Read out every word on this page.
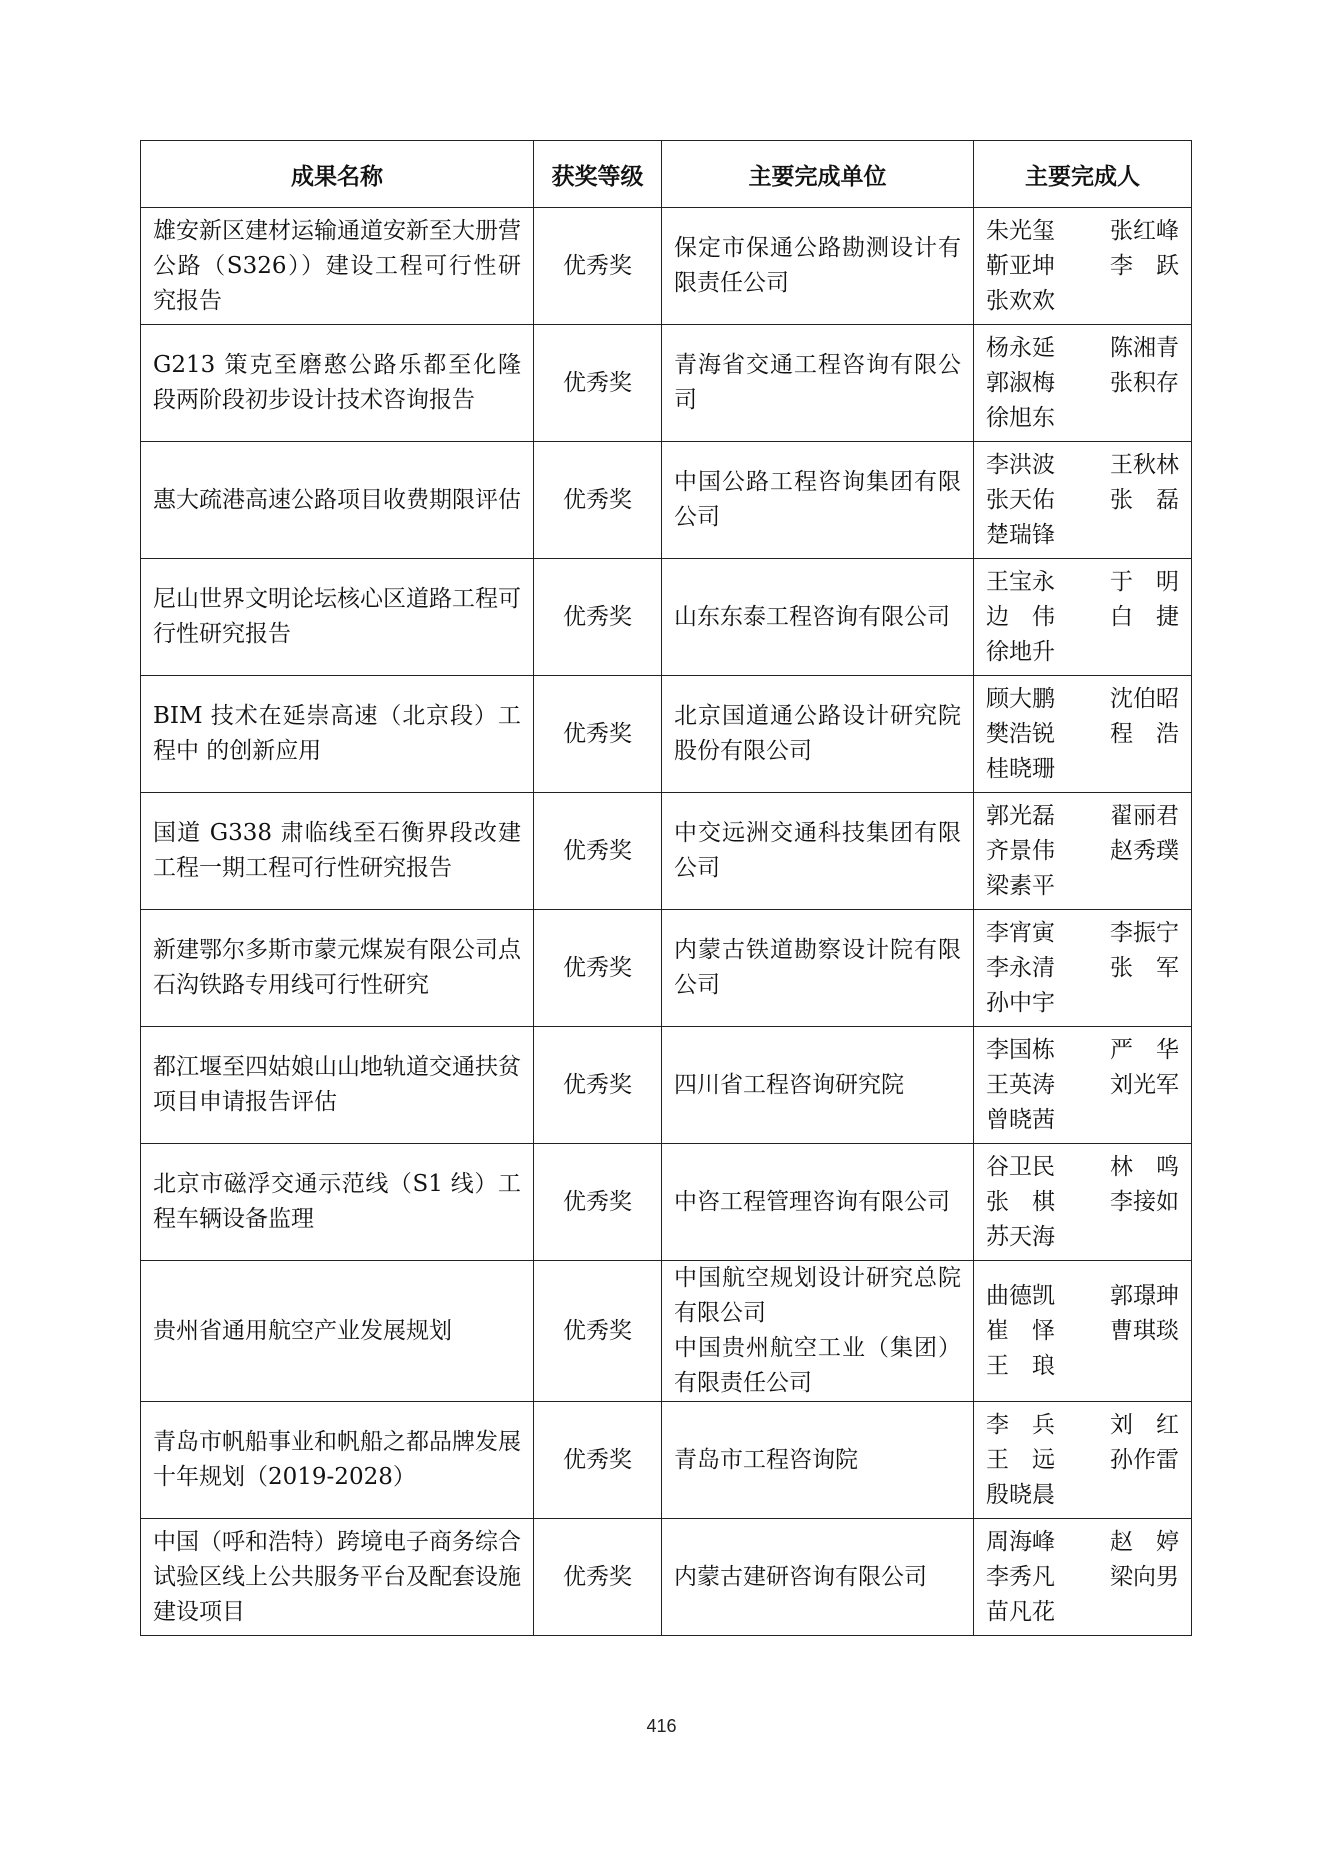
成果名称	获奖等级	主要完成单位	主要完成人
雄安新区建材运输通道安新至大册营公路（S326））建设工程可行性研究报告	优秀奖	保定市保通公路勘测设计有限责任公司	朱光玺 张红峰
靳亚坤 李　跃
张欢欢

G213 策克至磨憨公路乐都至化隆段两阶段初步设计技术咨询报告	优秀奖	青海省交通工程咨询有限公司	杨永延 陈湘青
郭淑梅 张积存
徐旭东

惠大疏港高速公路项目收费期限评估	优秀奖	中国公路工程咨询集团有限公司	李洪波 王秋林
张天佑 张　磊
楚瑞锋

尼山世界文明论坛核心区道路工程可行性研究报告	优秀奖	山东东泰工程咨询有限公司	王宝永 于　明
边　伟 白　捷
徐地升

BIM 技术在延崇高速（北京段）工程中 的创新应用	优秀奖	北京国道通公路设计研究院股份有限公司	顾大鹏 沈伯昭
樊浩锐 程　浩
桂晓珊

国道 G338 肃临线至石衡界段改建工程一期工程可行性研究报告	优秀奖	中交远洲交通科技集团有限公司	郭光磊 翟丽君
齐景伟 赵秀璞
梁素平

新建鄂尔多斯市蒙元煤炭有限公司点石沟铁路专用线可行性研究	优秀奖	内蒙古铁道勘察设计院有限公司	李宵寅 李振宁
李永清 张　军
孙中宇

都江堰至四姑娘山山地轨道交通扶贫项目申请报告评估	优秀奖	四川省工程咨询研究院	李国栋 严　华
王英涛 刘光军
曾晓茜

北京市磁浮交通示范线（S1 线）工程车辆设备监理	优秀奖	中咨工程管理咨询有限公司	谷卫民 林　鸣
张　棋 李接如
苏天海

贵州省通用航空产业发展规划	优秀奖	中国航空规划设计研究总院有限公司
中国贵州航空工业（集团）有限责任公司	曲德凯 郭璟珅
崔　怿 曹琪琰
王　琅

青岛市帆船事业和帆船之都品牌发展十年规划（2019-2028）	优秀奖	青岛市工程咨询院	李　兵 刘　红
王　远 孙作雷
殷晓晨

中国（呼和浩特）跨境电子商务综合试验区线上公共服务平台及配套设施建设项目	优秀奖	内蒙古建研咨询有限公司	周海峰 赵　婷
李秀凡 梁向男
苗凡花
416
